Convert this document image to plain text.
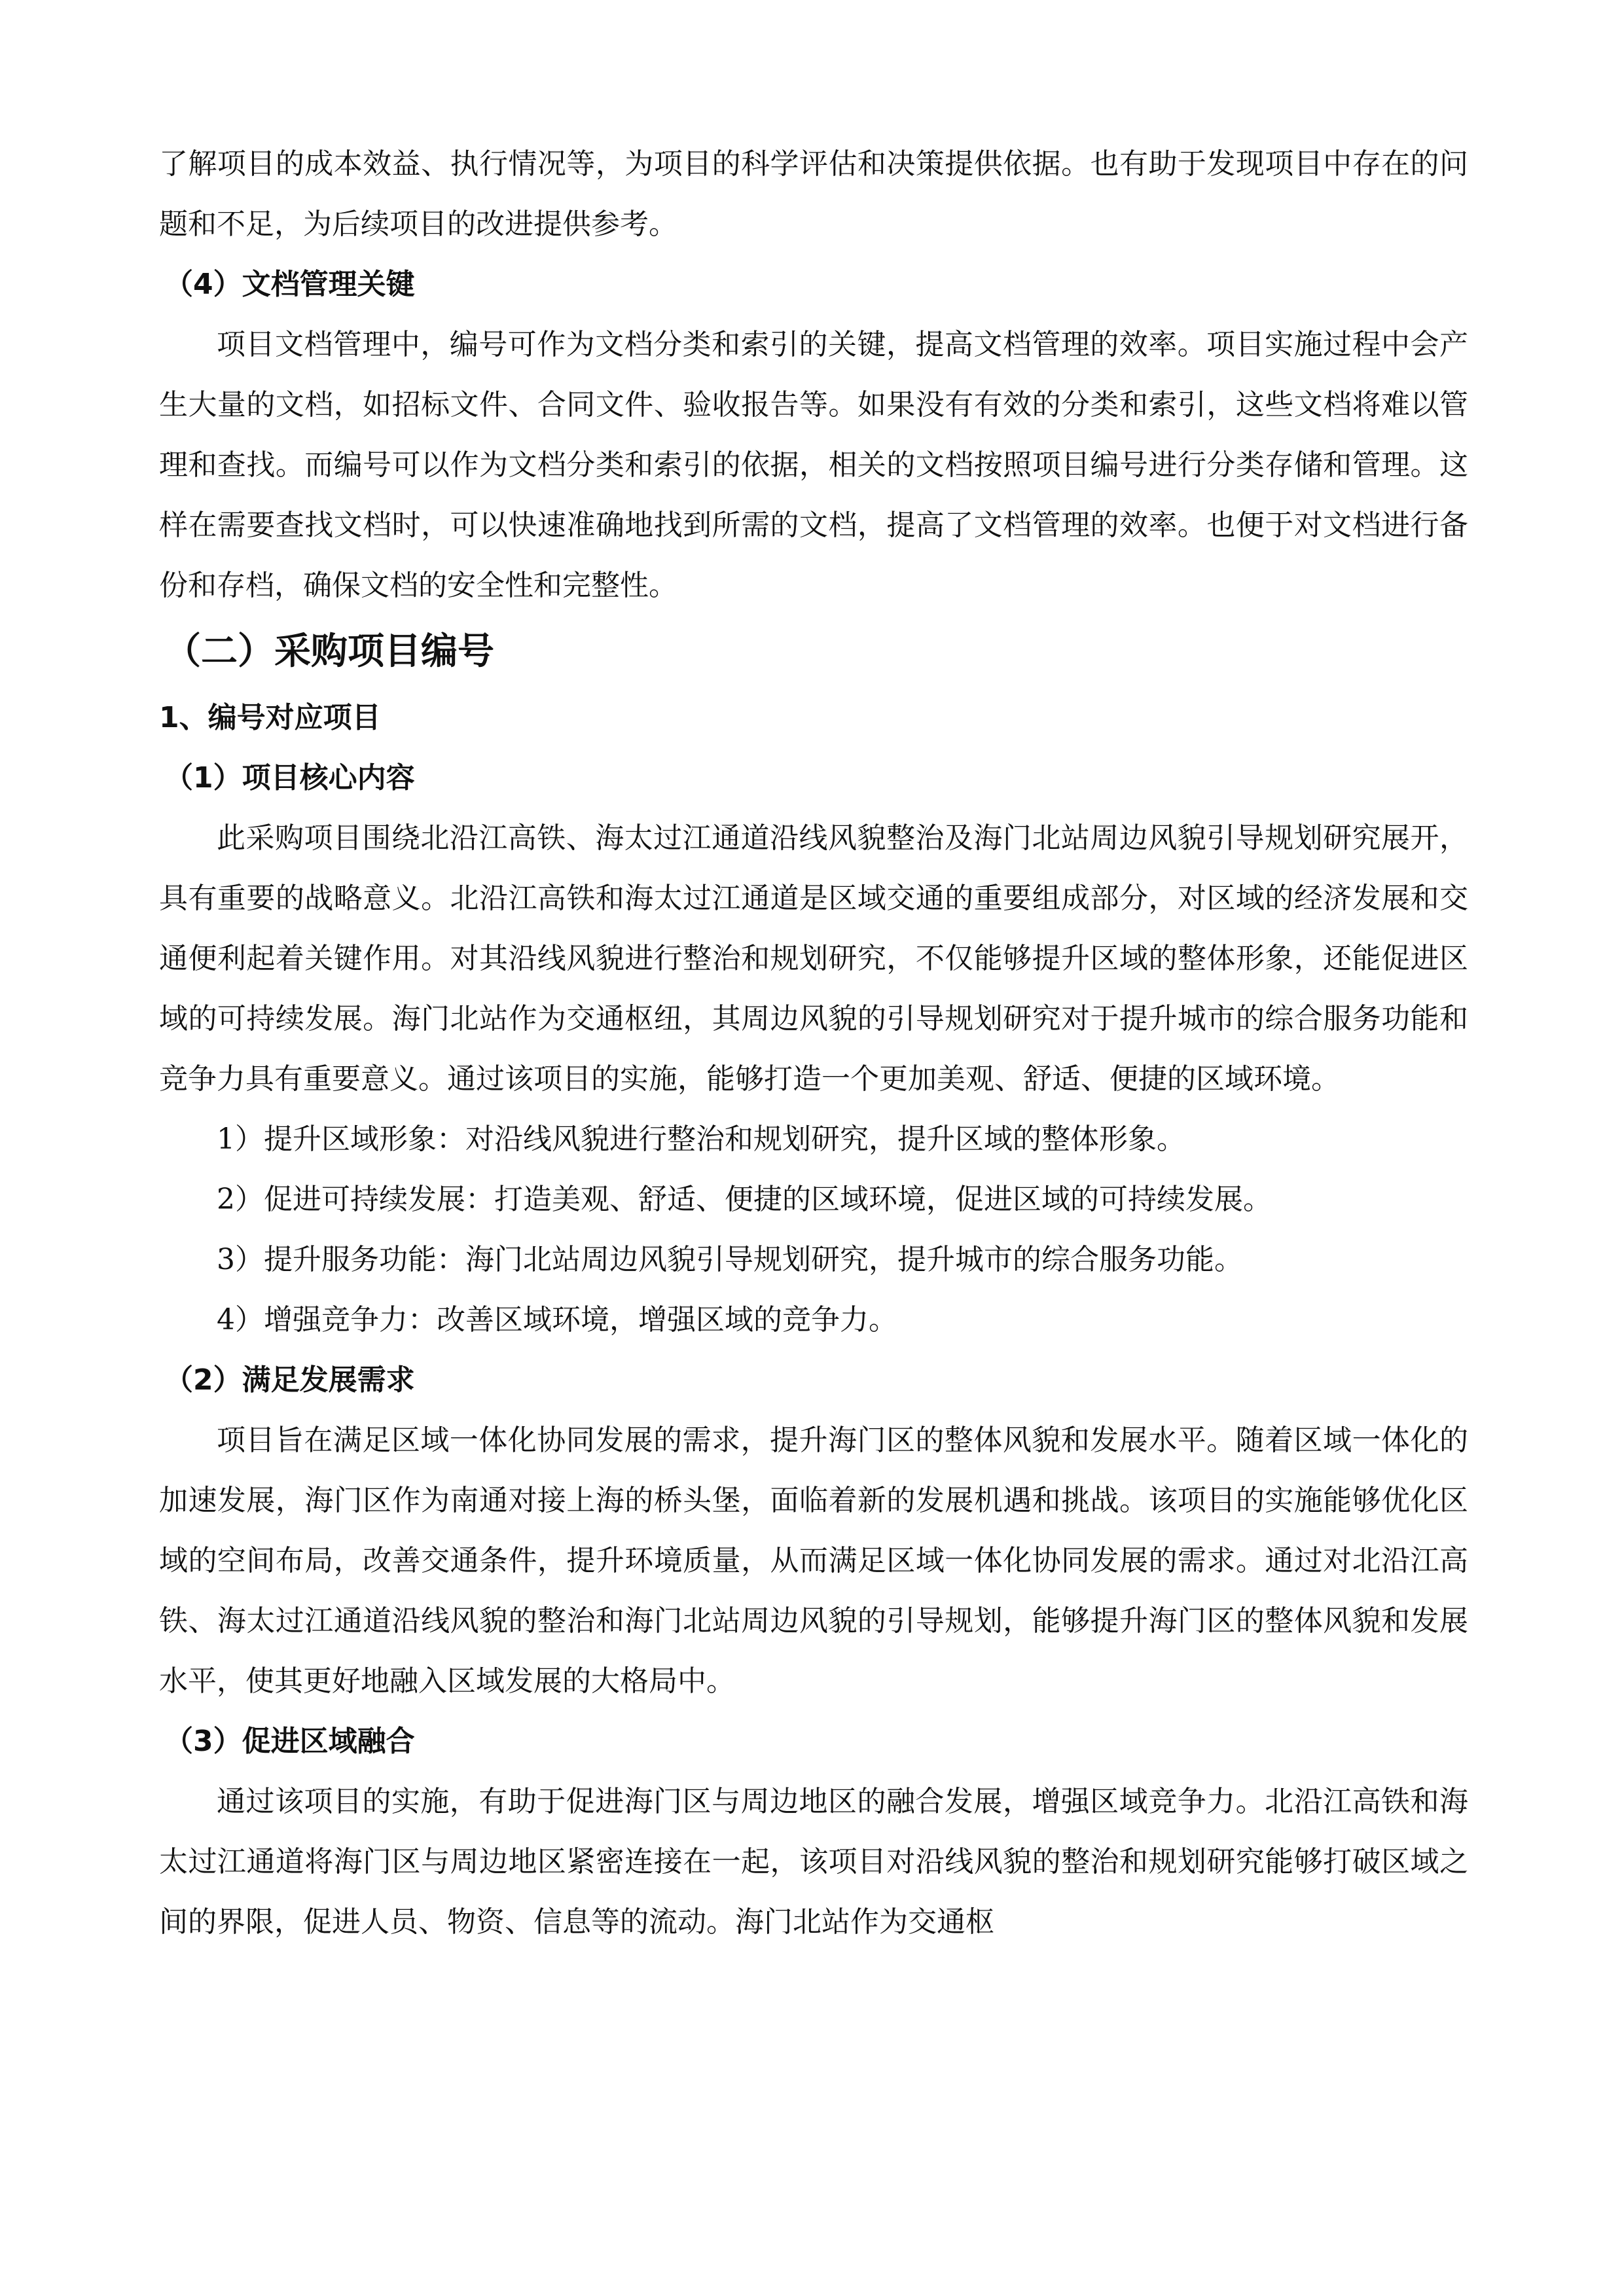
了解项目的成本效益、执行情况等，为项目的科学评估和决策提供依据。也有助于发现项目中存在的问题和不足，为后续项目的改进提供参考。

（4）文档管理关键

项目文档管理中，编号可作为文档分类和索引的关键，提高文档管理的效率。项目实施过程中会产生大量的文档，如招标文件、合同文件、验收报告等。如果没有有效的分类和索引，这些文档将难以管理和查找。而编号可以作为文档分类和索引的依据，相关的文档按照项目编号进行分类存储和管理。这样在需要查找文档时，可以快速准确地找到所需的文档，提高了文档管理的效率。也便于对文档进行备份和存档，确保文档的安全性和完整性。

（二）采购项目编号

1、编号对应项目

（1）项目核心内容

此采购项目围绕北沿江高铁、海太过江通道沿线风貌整治及海门北站周边风貌引导规划研究展开，具有重要的战略意义。北沿江高铁和海太过江通道是区域交通的重要组成部分，对区域的经济发展和交通便利起着关键作用。对其沿线风貌进行整治和规划研究，不仅能够提升区域的整体形象，还能促进区域的可持续发展。海门北站作为交通枢纽，其周边风貌的引导规划研究对于提升城市的综合服务功能和竞争力具有重要意义。通过该项目的实施，能够打造一个更加美观、舒适、便捷的区域环境。

1）提升区域形象：对沿线风貌进行整治和规划研究，提升区域的整体形象。

2）促进可持续发展：打造美观、舒适、便捷的区域环境，促进区域的可持续发展。

3）提升服务功能：海门北站周边风貌引导规划研究，提升城市的综合服务功能。

4）增强竞争力：改善区域环境，增强区域的竞争力。

（2）满足发展需求

项目旨在满足区域一体化协同发展的需求，提升海门区的整体风貌和发展水平。随着区域一体化的加速发展，海门区作为南通对接上海的桥头堡，面临着新的发展机遇和挑战。该项目的实施能够优化区域的空间布局，改善交通条件，提升环境质量，从而满足区域一体化协同发展的需求。通过对北沿江高铁、海太过江通道沿线风貌的整治和海门北站周边风貌的引导规划，能够提升海门区的整体风貌和发展水平，使其更好地融入区域发展的大格局中。

（3）促进区域融合

通过该项目的实施，有助于促进海门区与周边地区的融合发展，增强区域竞争力。北沿江高铁和海太过江通道将海门区与周边地区紧密连接在一起，该项目对沿线风貌的整治和规划研究能够打破区域之间的界限，促进人员、物资、信息等的流动。海门北站作为交通枢
